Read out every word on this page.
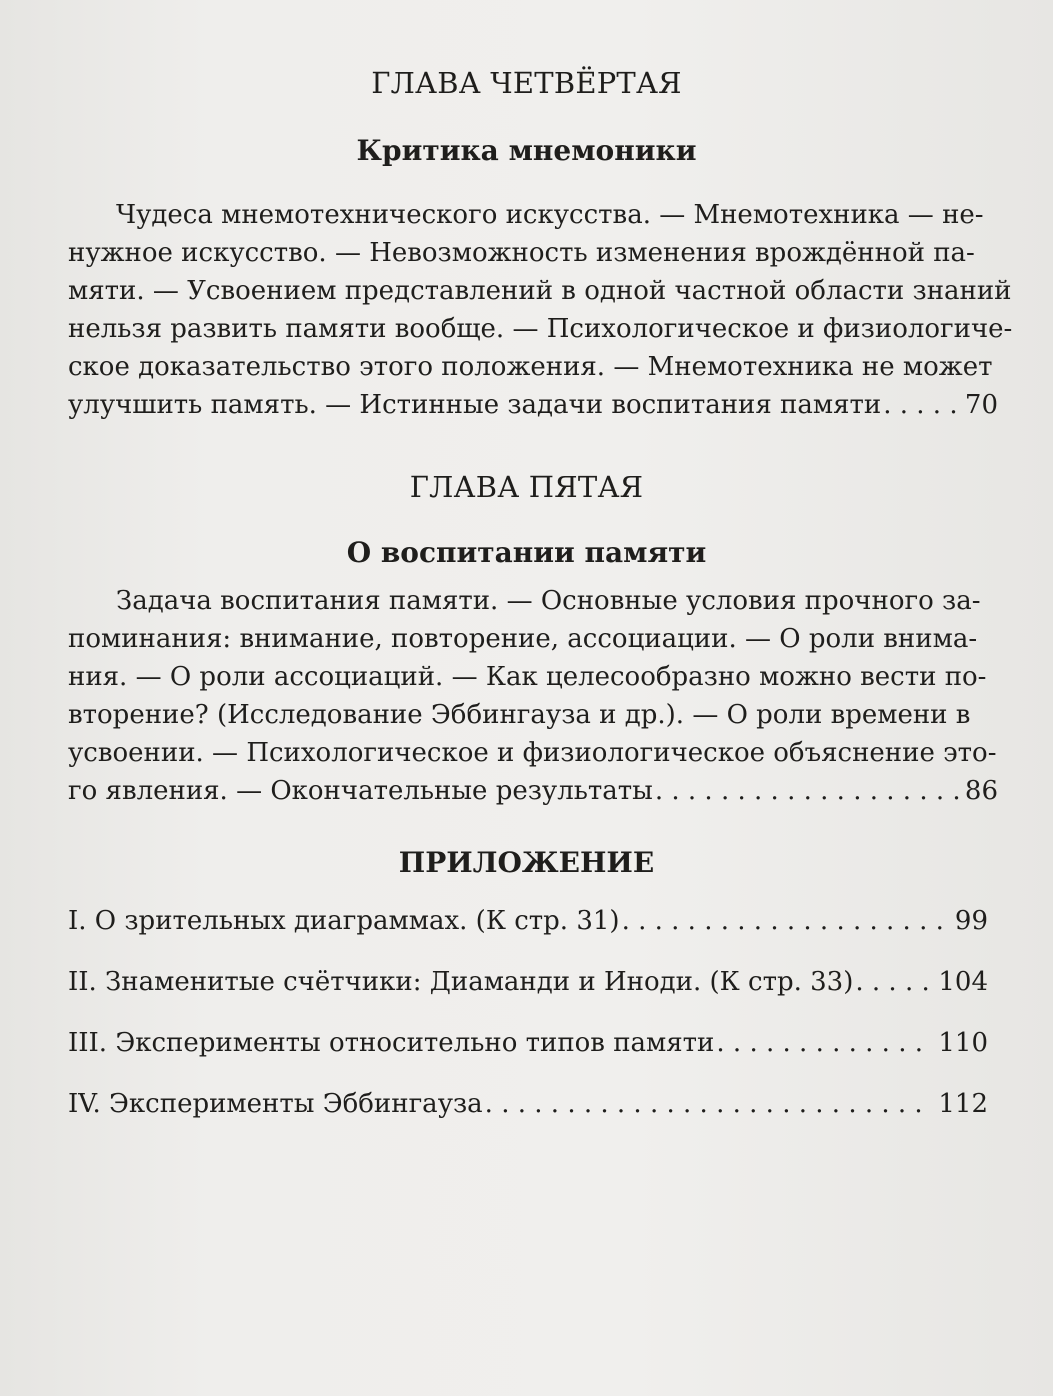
ГЛАВА ЧЕТВЁРТАЯ
Критика мнемоники
Чудеса мнемотехнического искусства. — Мнемотехника — не-
нужное искусство. — Невозможность изменения врождённой па-
мяти. — Усвоением представлений в одной частной области знаний
нельзя развить памяти вообще. — Психологическое и физиологиче-
ское доказательство этого положения. — Мнемотехника не может
улучшить память. — Истинные задачи воспитания памяти . . .	70
ГЛАВА ПЯТАЯ
О воспитании памяти
Задача воспитания памяти. — Основные условия прочного за-
поминания: внимание, повторение, ассоциации. — О роли внима-
ния. — О роли ассоциаций. — Как целесообразно можно вести по-
вторение? (Исследование Эббингауза и др.). — О роли времени в
усвоении. — Психологическое и физиологическое объяснение это-
го явления. — Окончательные результаты . . .	86
ПРИЛОЖЕНИЕ
I. О зрительных диаграммах. (К стр. 31) . . .	99
II. Знаменитые счётчики: Диаманди и Иноди. (К стр. 33) . . .	104
III. Эксперименты относительно типов памяти . . .	110
IV. Эксперименты Эббингауза . . .	112
